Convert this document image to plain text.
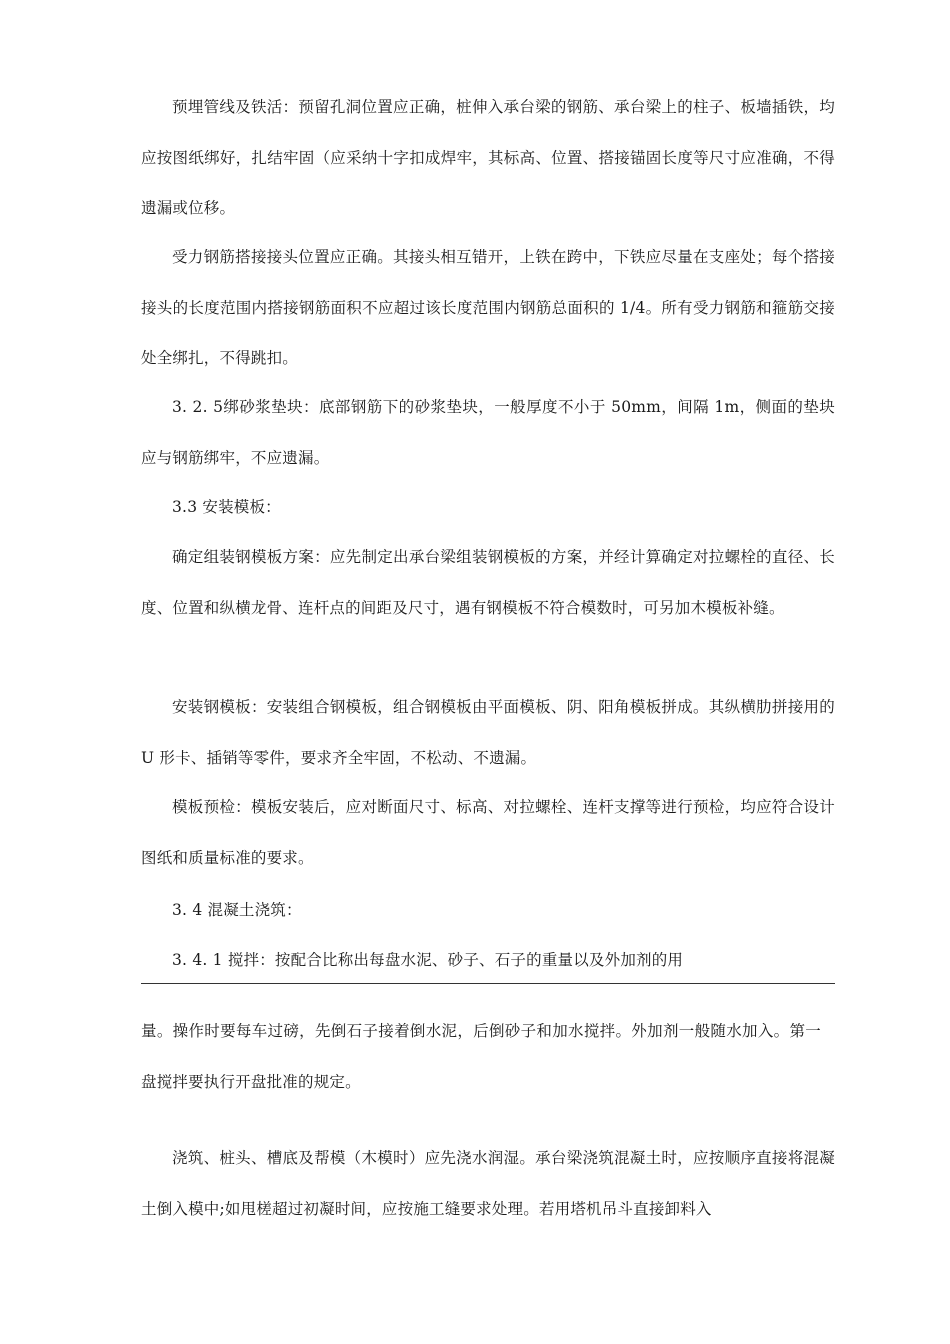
预埋管线及铁活：预留孔洞位置应正确，桩伸入承台梁的钢筋、承台梁上的柱子、板墙插铁，均应按图纸绑好，扎结牢固（应采纳十字扣成焊牢，其标高、位置、搭接锚固长度等尺寸应准确，不得遗漏或位移。

受力钢筋搭接接头位置应正确。其接头相互错开，上铁在跨中，下铁应尽量在支座处；每个搭接接头的长度范围内搭接钢筋面积不应超过该长度范围内钢筋总面积的 1/4。所有受力钢筋和箍筋交接处全绑扎，不得跳扣。

3. 2. 5绑砂浆垫块：底部钢筋下的砂浆垫块，一般厚度不小于 50mm，间隔 1m，侧面的垫块应与钢筋绑牢，不应遗漏。

3.3 安装模板：

确定组装钢模板方案：应先制定出承台梁组装钢模板的方案，并经计算确定对拉螺栓的直径、长度、位置和纵横龙骨、连杆点的间距及尺寸，遇有钢模板不符合模数时，可另加木模板补缝。

安装钢模板：安装组合钢模板，组合钢模板由平面模板、阴、阳角模板拼成。其纵横肋拼接用的 U 形卡、插销等零件，要求齐全牢固，不松动、不遗漏。

模板预检：模板安装后，应对断面尺寸、标高、对拉螺栓、连杆支撑等进行预检，均应符合设计图纸和质量标准的要求。

3. 4 混凝土浇筑：

3. 4. 1 搅拌：按配合比称出每盘水泥、砂子、石子的重量以及外加剂的用

量。操作时要每车过磅，先倒石子接着倒水泥，后倒砂子和加水搅拌。外加剂一般随水加入。第一盘搅拌要执行开盘批准的规定。

浇筑、桩头、槽底及帮模（木模时）应先浇水润湿。承台梁浇筑混凝土时，应按顺序直接将混凝土倒入模中;如甩槎超过初凝时间，应按施工缝要求处理。若用塔机吊斗直接卸料入
